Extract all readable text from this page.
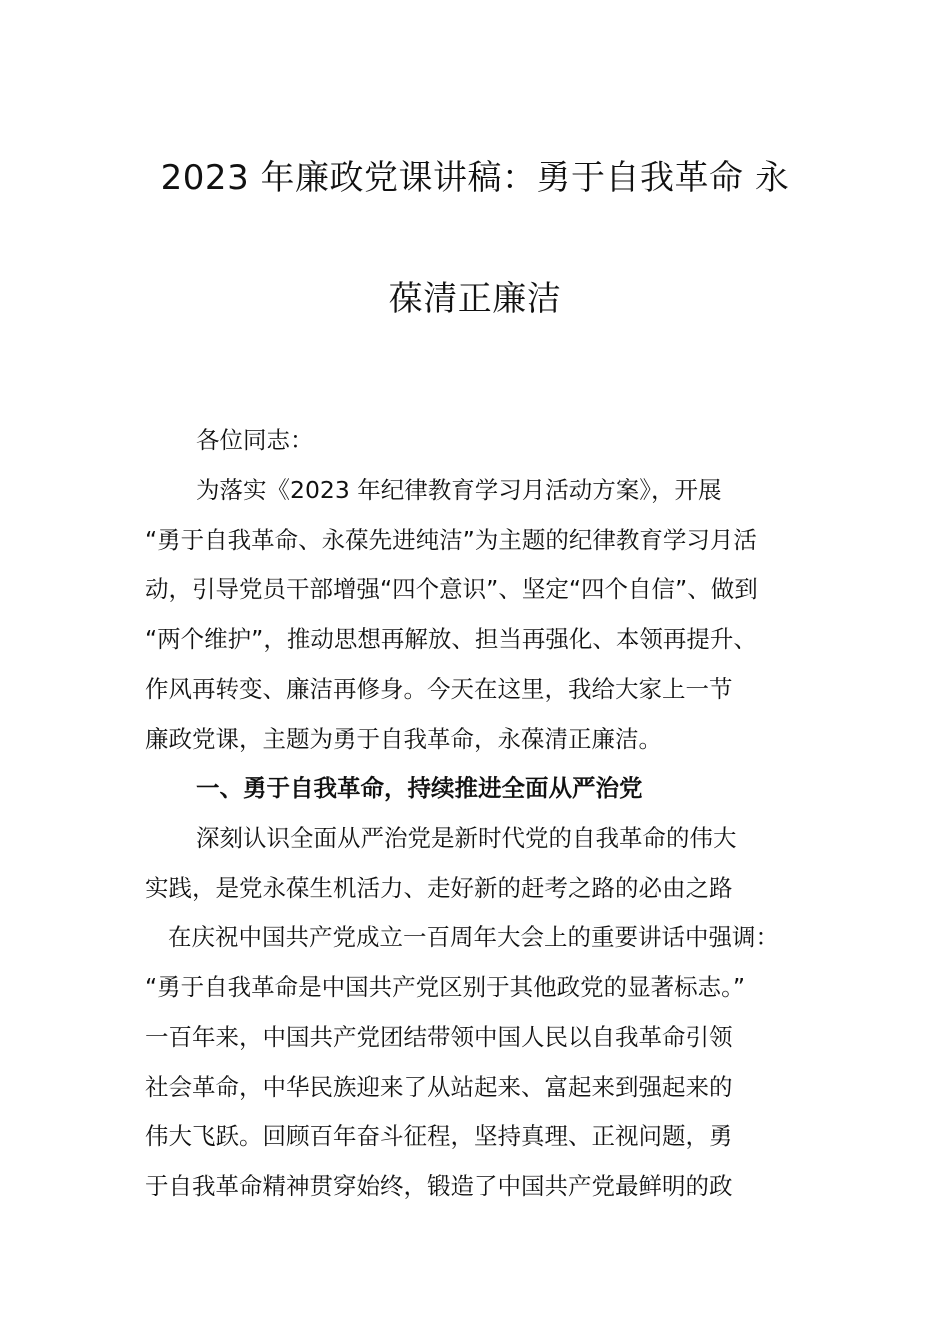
2023 年廉政党课讲稿：勇于自我革命 永
葆清正廉洁
各位同志：
为落实《2023 年纪律教育学习月活动方案》，开展
“勇于自我革命、永葆先进纯洁”为主题的纪律教育学习月活
动，引导党员干部增强“四个意识”、坚定“四个自信”、做到
“两个维护”，推动思想再解放、担当再强化、本领再提升、
作风再转变、廉洁再修身。今天在这里，我给大家上一节
廉政党课，主题为勇于自我革命，永葆清正廉洁。
一、勇于自我革命，持续推进全面从严治党
深刻认识全面从严治党是新时代党的自我革命的伟大
实践，是党永葆生机活力、走好新的赶考之路的必由之路
在庆祝中国共产党成立一百周年大会上的重要讲话中强调：
“勇于自我革命是中国共产党区别于其他政党的显著标志。”
一百年来，中国共产党团结带领中国人民以自我革命引领
社会革命，中华民族迎来了从站起来、富起来到强起来的
伟大飞跃。回顾百年奋斗征程，坚持真理、正视问题，勇
于自我革命精神贯穿始终，锻造了中国共产党最鲜明的政
